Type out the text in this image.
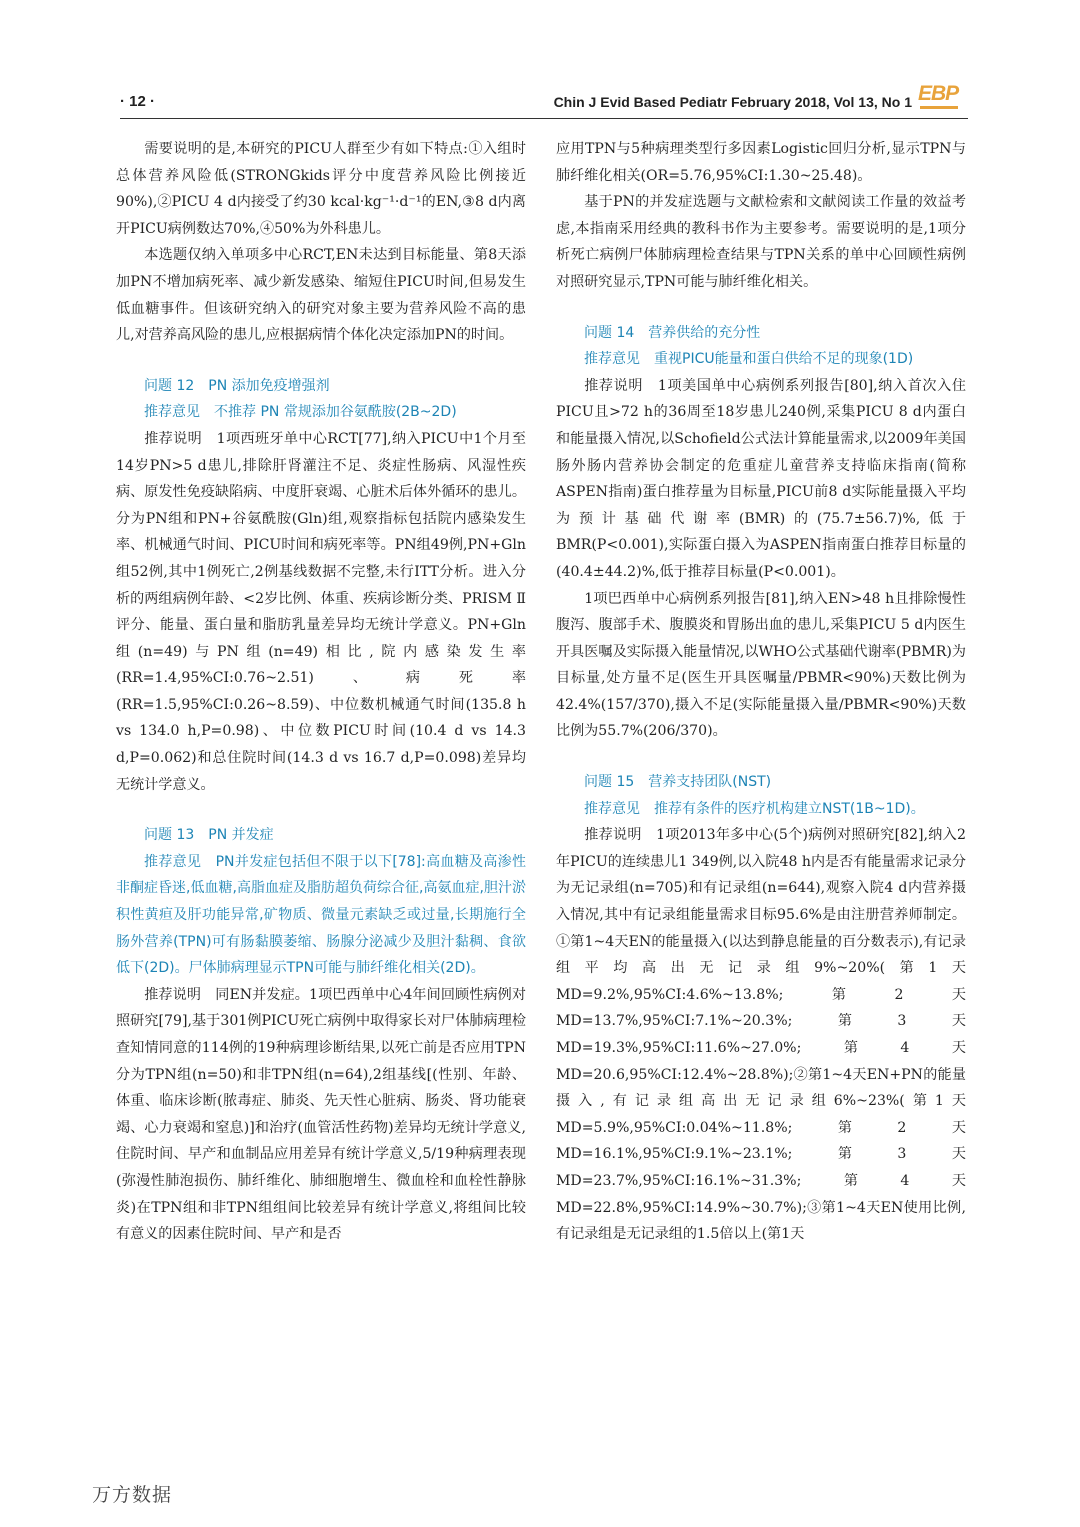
· 12 ·	Chin J Evid Based Pediatr February 2018, Vol 13, No 1 EBP

需要说明的是,本研究的PICU人群至少有如下特点:①入组时总体营养风险低(STRONGkids评分中度营养风险比例接近90%),②PICU 4 d内接受了约30 kcal·kg⁻¹·d⁻¹的EN,③8 d内离开PICU病例数达70%,④50%为外科患儿。

本选题仅纳入单项多中心RCT,EN未达到目标能量、第8天添加PN不增加病死率、减少新发感染、缩短住PICU时间,但易发生低血糖事件。但该研究纳入的研究对象主要为营养风险不高的患儿,对营养高风险的患儿,应根据病情个体化决定添加PN的时间。

问题 12　PN 添加免疫增强剂

推荐意见　不推荐 PN 常规添加谷氨酰胺(2B~2D)

推荐说明　1项西班牙单中心RCT[77],纳入PICU中1个月至14岁PN>5 d患儿,排除肝肾灌注不足、炎症性肠病、风湿性疾病、原发性免疫缺陷病、中度肝衰竭、心脏术后体外循环的患儿。分为PN组和PN+谷氨酰胺(Gln)组,观察指标包括院内感染发生率、机械通气时间、PICU时间和病死率等。PN组49例,PN+Gln组52例,其中1例死亡,2例基线数据不完整,未行ITT分析。进入分析的两组病例年龄、<2岁比例、体重、疾病诊断分类、PRISM Ⅱ评分、能量、蛋白量和脂肪乳量差异均无统计学意义。PN+Gln组(n=49)与PN组(n=49)相比,院内感染发生率(RR=1.4,95%CI:0.76~2.51)、病死率(RR=1.5,95%CI:0.26~8.59)、中位数机械通气时间(135.8 h vs 134.0 h,P=0.98)、中位数PICU时间(10.4 d vs 14.3 d,P=0.062)和总住院时间(14.3 d vs 16.7 d,P=0.098)差异均无统计学意义。

问题 13　PN 并发症

推荐意见　PN并发症包括但不限于以下[78]:高血糖及高渗性非酮症昏迷,低血糖,高脂血症及脂肪超负荷综合征,高氨血症,胆汁淤积性黄疸及肝功能异常,矿物质、微量元素缺乏或过量,长期施行全肠外营养(TPN)可有肠黏膜萎缩、肠腺分泌减少及胆汁黏稠、食欲低下(2D)。尸体肺病理显示TPN可能与肺纤维化相关(2D)。

推荐说明　同EN并发症。1项巴西单中心4年间回顾性病例对照研究[79],基于301例PICU死亡病例中取得家长对尸体肺病理检查知情同意的114例的19种病理诊断结果,以死亡前是否应用TPN分为TPN组(n=50)和非TPN组(n=64),2组基线[(性别、年龄、体重、临床诊断(脓毒症、肺炎、先天性心脏病、肠炎、肾功能衰竭、心力衰竭和窒息)]和治疗(血管活性药物)差异均无统计学意义,住院时间、早产和血制品应用差异有统计学意义,5/19种病理表现(弥漫性肺泡损伤、肺纤维化、肺细胞增生、微血栓和血栓性静脉炎)在TPN组和非TPN组组间比较差异有统计学意义,将组间比较有意义的因素住院时间、早产和是否

应用TPN与5种病理类型行多因素Logistic回归分析,显示TPN与肺纤维化相关(OR=5.76,95%CI:1.30~25.48)。

基于PN的并发症选题与文献检索和文献阅读工作量的效益考虑,本指南采用经典的教科书作为主要参考。需要说明的是,1项分析死亡病例尸体肺病理检查结果与TPN关系的单中心回顾性病例对照研究显示,TPN可能与肺纤维化相关。

问题 14　营养供给的充分性

推荐意见　重视PICU能量和蛋白供给不足的现象(1D)

推荐说明　1项美国单中心病例系列报告[80],纳入首次入住PICU且>72 h的36周至18岁患儿240例,采集PICU 8 d内蛋白和能量摄入情况,以Schofield公式法计算能量需求,以2009年美国肠外肠内营养协会制定的危重症儿童营养支持临床指南(简称ASPEN指南)蛋白推荐量为目标量,PICU前8 d实际能量摄入平均为预计基础代谢率(BMR)的(75.7±56.7)%,低于BMR(P<0.001),实际蛋白摄入为ASPEN指南蛋白推荐目标量的(40.4±44.2)%,低于推荐目标量(P<0.001)。

1项巴西单中心病例系列报告[81],纳入EN>48 h且排除慢性腹泻、腹部手术、腹膜炎和胃肠出血的患儿,采集PICU 5 d内医生开具医嘱及实际摄入能量情况,以WHO公式基础代谢率(PBMR)为目标量,处方量不足(医生开具医嘱量/PBMR<90%)天数比例为42.4%(157/370),摄入不足(实际能量摄入量/PBMR<90%)天数比例为55.7%(206/370)。

问题 15　营养支持团队(NST)

推荐意见　推荐有条件的医疗机构建立NST(1B~1D)。

推荐说明　1项2013年多中心(5个)病例对照研究[82],纳入2年PICU的连续患儿1 349例,以入院48 h内是否有能量需求记录分为无记录组(n=705)和有记录组(n=644),观察入院4 d内营养摄入情况,其中有记录组能量需求目标95.6%是由注册营养师制定。①第1~4天EN的能量摄入(以达到静息能量的百分数表示),有记录组平均高出无记录组9%~20%(第1天MD=9.2%,95%CI:4.6%~13.8%;第2天MD=13.7%,95%CI:7.1%~20.3%;第3天MD=19.3%,95%CI:11.6%~27.0%;第4天MD=20.6,95%CI:12.4%~28.8%);②第1~4天EN+PN的能量摄入,有记录组高出无记录组6%~23%(第1天MD=5.9%,95%CI:0.04%~11.8%;第2天MD=16.1%,95%CI:9.1%~23.1%;第3天MD=23.7%,95%CI:16.1%~31.3%;第4天MD=22.8%,95%CI:14.9%~30.7%);③第1~4天EN使用比例,有记录组是无记录组的1.5倍以上(第1天

万方数据
